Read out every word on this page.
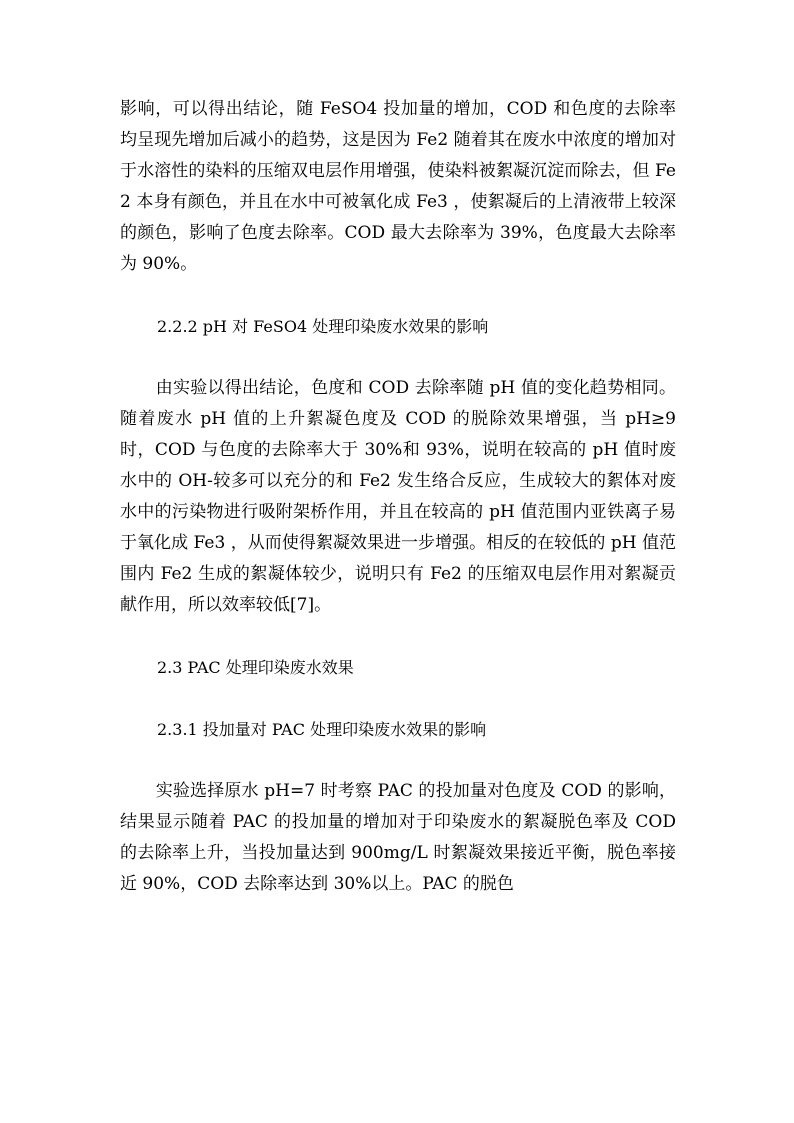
影响，可以得出结论，随 FeSO4 投加量的增加，COD 和色度的去除率均呈现先增加后减小的趋势，这是因为 Fe2 随着其在废水中浓度的增加对于水溶性的染料的压缩双电层作用增强，使染料被絮凝沉淀而除去，但 Fe2 本身有颜色，并且在水中可被氧化成 Fe3 ，使絮凝后的上清液带上较深的颜色，影响了色度去除率。COD 最大去除率为 39%，色度最大去除率为 90%。

2.2.2 pH 对 FeSO4 处理印染废水效果的影响

由实验以得出结论，色度和 COD 去除率随 pH 值的变化趋势相同。随着废水 pH 值的上升絮凝色度及 COD 的脱除效果增强，当 pH≥9 时，COD 与色度的去除率大于 30%和 93%，说明在较高的 pH 值时废水中的 OH-较多可以充分的和 Fe2 发生络合反应，生成较大的絮体对废水中的污染物进行吸附架桥作用，并且在较高的 pH 值范围内亚铁离子易于氧化成 Fe3 ，从而使得絮凝效果进一步增强。相反的在较低的 pH 值范围内 Fe2 生成的絮凝体较少，说明只有 Fe2 的压缩双电层作用对絮凝贡献作用，所以效率较低[7]。

2.3 PAC 处理印染废水效果

2.3.1 投加量对 PAC 处理印染废水效果的影响

实验选择原水 pH=7 时考察 PAC 的投加量对色度及 COD 的影响，结果显示随着 PAC 的投加量的增加对于印染废水的絮凝脱色率及 COD 的去除率上升，当投加量达到 900mg/L 时絮凝效果接近平衡，脱色率接近 90%，COD 去除率达到 30%以上。PAC 的脱色
